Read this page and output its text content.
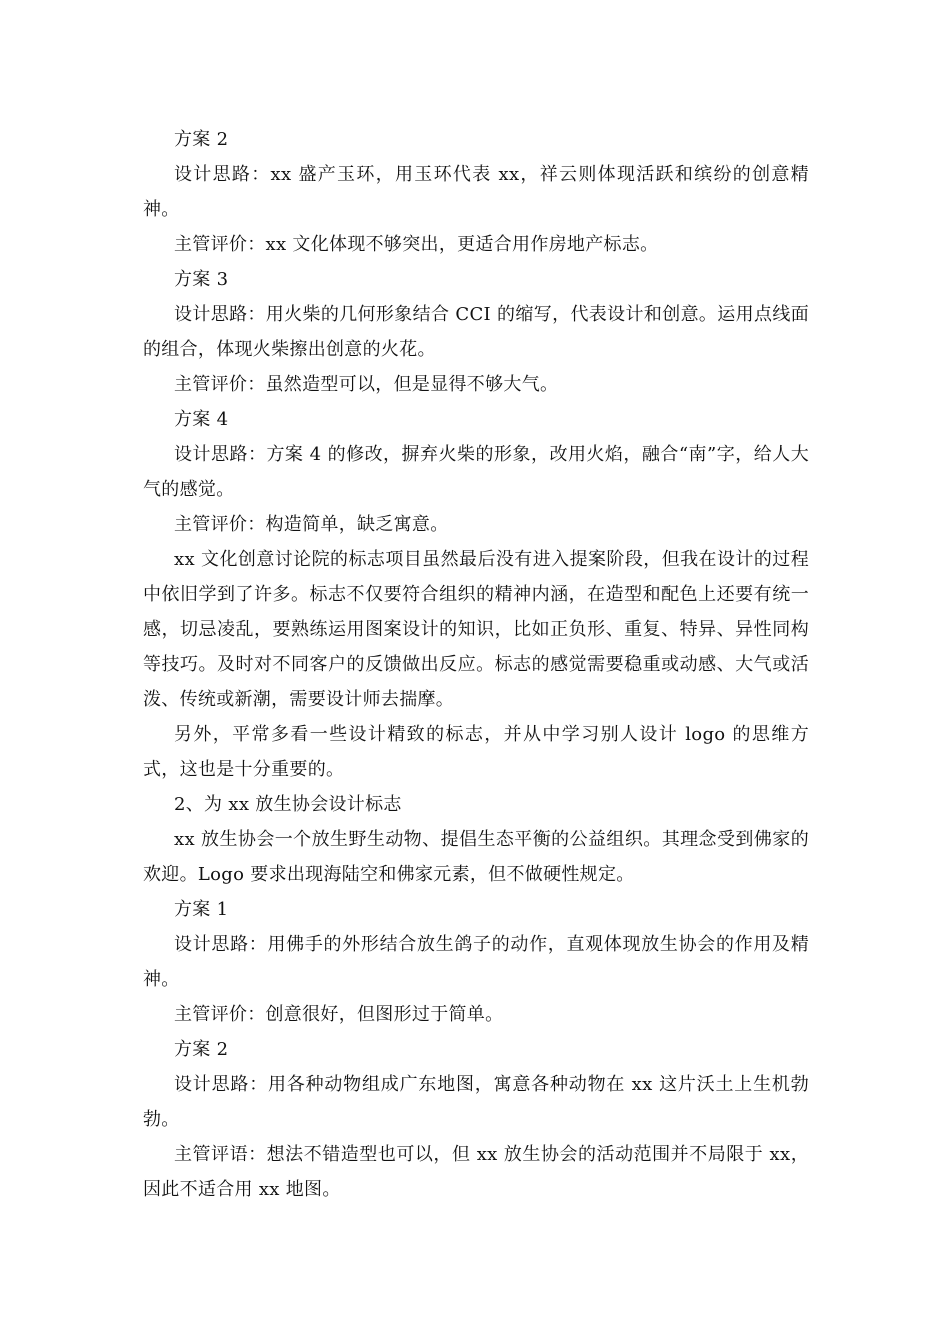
方案 2

设计思路：xx 盛产玉环，用玉环代表 xx，祥云则体现活跃和缤纷的创意精神。

主管评价：xx 文化体现不够突出，更适合用作房地产标志。

方案 3

设计思路：用火柴的几何形象结合 CCI 的缩写，代表设计和创意。运用点线面的组合，体现火柴擦出创意的火花。

主管评价：虽然造型可以，但是显得不够大气。

方案 4

设计思路：方案 4 的修改，摒弃火柴的形象，改用火焰，融合“南”字，给人大气的感觉。

主管评价：构造简单，缺乏寓意。

xx 文化创意讨论院的标志项目虽然最后没有进入提案阶段，但我在设计的过程中依旧学到了许多。标志不仅要符合组织的精神内涵，在造型和配色上还要有统一感，切忌凌乱，要熟练运用图案设计的知识，比如正负形、重复、特异、异性同构等技巧。及时对不同客户的反馈做出反应。标志的感觉需要稳重或动感、大气或活泼、传统或新潮，需要设计师去揣摩。

另外，平常多看一些设计精致的标志，并从中学习别人设计 logo 的思维方式，这也是十分重要的。

2、为 xx 放生协会设计标志

xx 放生协会一个放生野生动物、提倡生态平衡的公益组织。其理念受到佛家的欢迎。Logo 要求出现海陆空和佛家元素，但不做硬性规定。

方案 1

设计思路：用佛手的外形结合放生鸽子的动作，直观体现放生协会的作用及精神。

主管评价：创意很好，但图形过于简单。

方案 2

设计思路：用各种动物组成广东地图，寓意各种动物在 xx 这片沃土上生机勃勃。

主管评语：想法不错造型也可以，但 xx 放生协会的活动范围并不局限于 xx，因此不适合用 xx 地图。
